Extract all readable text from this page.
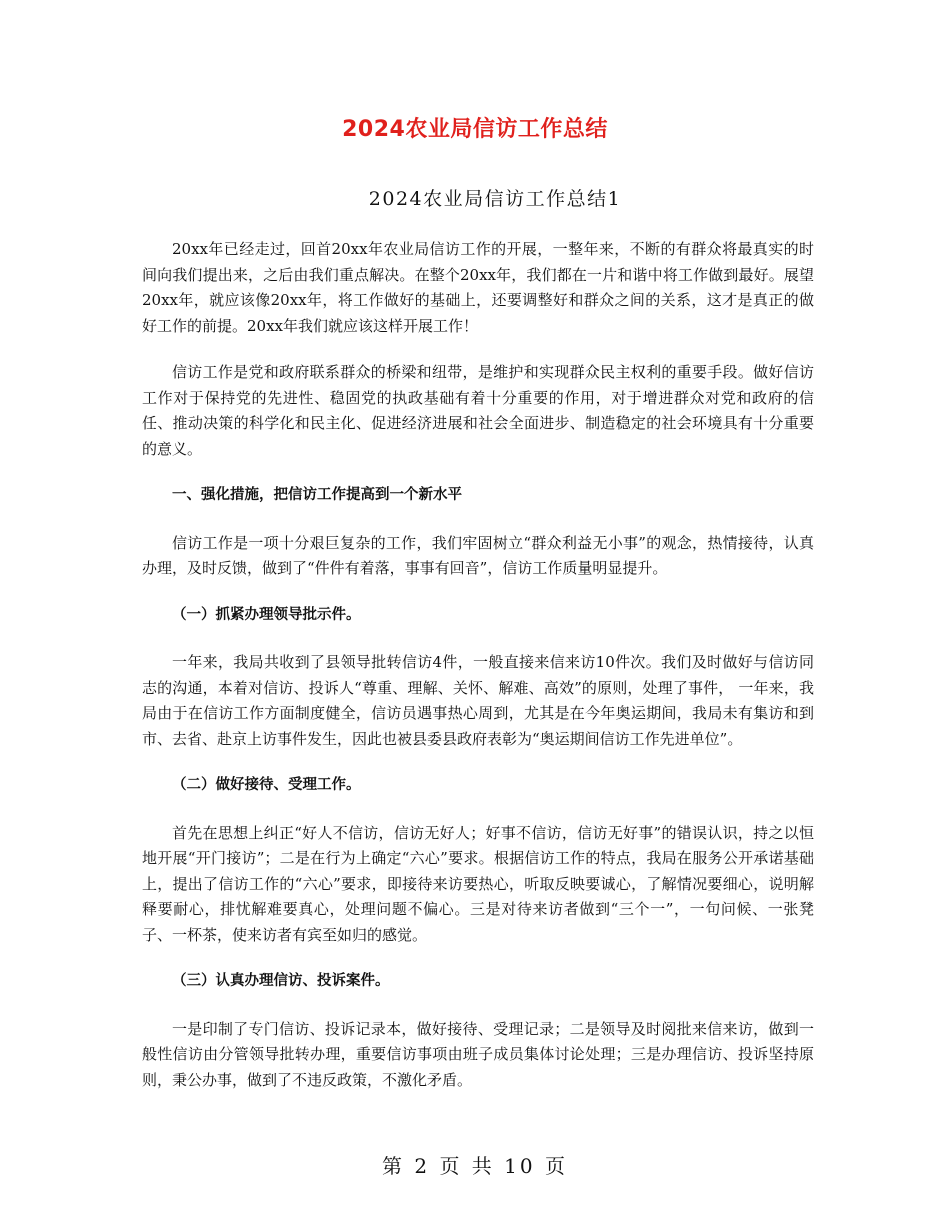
2024农业局信访工作总结
2024农业局信访工作总结1

20xx年已经走过，回首20xx年农业局信访工作的开展，一整年来，不断的有群众将最真实的时间向我们提出来，之后由我们重点解决。在整个20xx年，我们都在一片和谐中将工作做到最好。展望20xx年，就应该像20xx年，将工作做好的基础上，还要调整好和群众之间的关系，这才是真正的做好工作的前提。20xx年我们就应该这样开展工作！

信访工作是党和政府联系群众的桥梁和纽带，是维护和实现群众民主权利的重要手段。做好信访工作对于保持党的先进性、稳固党的执政基础有着十分重要的作用，对于增进群众对党和政府的信任、推动决策的科学化和民主化、促进经济进展和社会全面进步、制造稳定的社会环境具有十分重要的意义。

一、强化措施，把信访工作提高到一个新水平

信访工作是一项十分艰巨复杂的工作，我们牢固树立“群众利益无小事”的观念，热情接待，认真办理，及时反馈，做到了“件件有着落，事事有回音”，信访工作质量明显提升。

（一）抓紧办理领导批示件。

一年来，我局共收到了县领导批转信访4件，一般直接来信来访10件次。我们及时做好与信访同志的沟通，本着对信访、投诉人“尊重、理解、关怀、解难、高效”的原则，处理了事件， 一年来，我局由于在信访工作方面制度健全，信访员遇事热心周到，尤其是在今年奥运期间，我局未有集访和到市、去省、赴京上访事件发生，因此也被县委县政府表彰为“奥运期间信访工作先进单位”。

（二）做好接待、受理工作。

首先在思想上纠正“好人不信访，信访无好人；好事不信访，信访无好事”的错误认识，持之以恒地开展“开门接访”；二是在行为上确定“六心”要求。根据信访工作的特点，我局在服务公开承诺基础上，提出了信访工作的“六心”要求，即接待来访要热心，听取反映要诚心，了解情况要细心，说明解释要耐心，排忧解难要真心，处理问题不偏心。三是对待来访者做到“三个一”，一句问候、一张凳子、一杯茶，使来访者有宾至如归的感觉。

（三）认真办理信访、投诉案件。

一是印制了专门信访、投诉记录本，做好接待、受理记录；二是领导及时阅批来信来访，做到一般性信访由分管领导批转办理，重要信访事项由班子成员集体讨论处理；三是办理信访、投诉坚持原则，秉公办事，做到了不违反政策，不激化矛盾。

第 2 页 共 10 页
